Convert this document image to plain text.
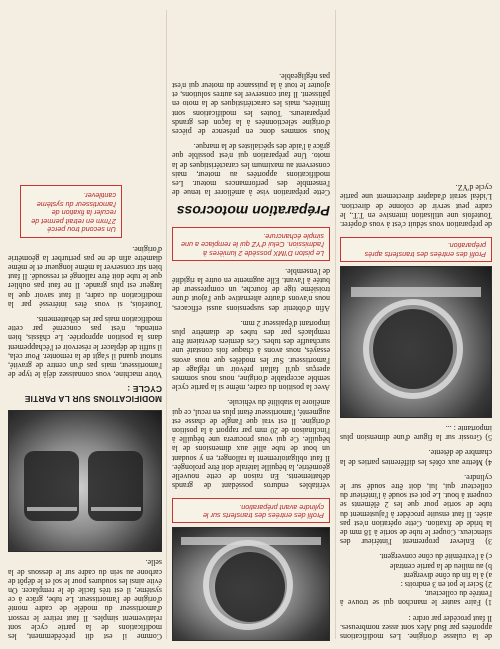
de la culasse d'origine. Les modifications apportées par Bud Alex sont assez nombreuses. Il faut procéder par ordre :

1) Faire sauter le manchon qui se trouve à l'entrée du collecteur,
2) Scier le pot en 3 endroits :
a) à la fin du cône divergent
b) au milieu de la partie centrale
c) à l'extrémité du cône convergent.

3) Enlever proprement l'intérieur des silencieux. Couper le tube de sortie à 18 mm de la bride de fixation. Cette opération n'est pas aisée. Il faut ensuite procéder à l'ajustement du tube de sortie pour que les 2 éléments se coupent à bout. Le pot est soudé à l'intérieur du collecteur qui, lui, doit être soudé sur le cylindre.

4) Mettre aux côtés les différentes parties de la chambre de détente.

5) Grossir sur la figure d'une dimension plus importante : ...

Profil des entrées des transferts après préparation.

de préparation vous séduit c'est à vous d'opérer. Toutefois une utilisation intensive en T.T., le cadre peut servir de colonne de direction. L'idéal serait d'adapter directement une partie cycle d'YZ.

Profil des entrées des transferts sur le cylindre avant préparation.

véritables enduros possédant de grands débattements. En raison de cette nouvelle géométrie, la béquille latérale doit être prolongée. Il faut obligatoirement la rallonger, en y soudant un bout de tube allié aux dimensions de la béquille. Ce qui vous procurera une béquille à l'inclinaison de 20 mm par rapport à la position d'origine. Il est vrai que l'angle de chasse est augmenté, l'amortisseur étant plus en recul, ce qui améliore la stabilité du véhicule.

Avec la position du cadre, même si la partie cycle semble acceptable d'origine, nous nous sommes aperçus qu'il fallait prévoir un réglage de l'amortisseur. Sur les modèles que nous avons essayés, nous avons à chaque fois constaté une surchauffe des tubes. Ces derniers devraient être remplacés par des tubes de diamètre plus important d'épaisseur 2 mm.

Afin d'obtenir des suspensions aussi efficaces, nous n'avons d'autre alternative que l'ajout d'une troisième tige de fourche, un compresseur de butée à l'avant. Elle augmente en outre la rigidité de l'ensemble.

Le piston D'IMX possède 2 lumières à l'admission. Celui d'YZ qui le remplace a une simple échancrure.
Préparation motocross

Cette préparation vise à améliorer la tenue de l'ensemble des performances moteur. Les modifications apportées au moteur, mais conservent au maximum les caractéristiques de la moto. Une préparation qui n'est possible que grâce à l'aide des spécialistes de la marque.

Nous sommes donc en présence de pièces d'origine sélectionnées à la façon des grands préparateurs. Toutes les modifications sont limitées, mais les caractéristiques de la moto en pâtissent. Il faut conserver les autres solutions, et ajouter le tout à la puissance du moteur qui n'est pas négligeable.

Comme il est dit précédemment, les modifications de la partie cycle sont relativement simples. Il faut retirer le ressort d'amortisseur du modèle de cadre monté d'origine de l'amortisseur. Le tube, grâce à ce système, il est très facile de le remplacer. On évite ainsi les soudures pour le sol et le dépôt de carbone au sein du cadre sur le dessous de la selle.

MODIFICATIONS SUR LA PARTIE CYCLE :

Votre machine, vous connaissez déjà le type de l'amortisseur, mais pas d'un centre de gravité, surtout quand il s'agit de la remonter. Pour cela, il suffit de déplacer le réservoir et l'échappement dans la position appropriée. Le châssis, bien entendu, n'est pas concerné par cette modification mais par les débattements.

Toutefois, si vous êtes intéressé par la modification du cadre, il faut savoir que la largeur est plus grande. Il ne faut pas oublier que le tube doit être rallongé et ressoudé. Il faut bien sûr conserver la même longueur et le même diamètre afin de ne pas perturber la géométrie d'origine.

Un second trou percé 27mm en retrait permet de reculer la fixation de l'amortisseur du système cantilever.
